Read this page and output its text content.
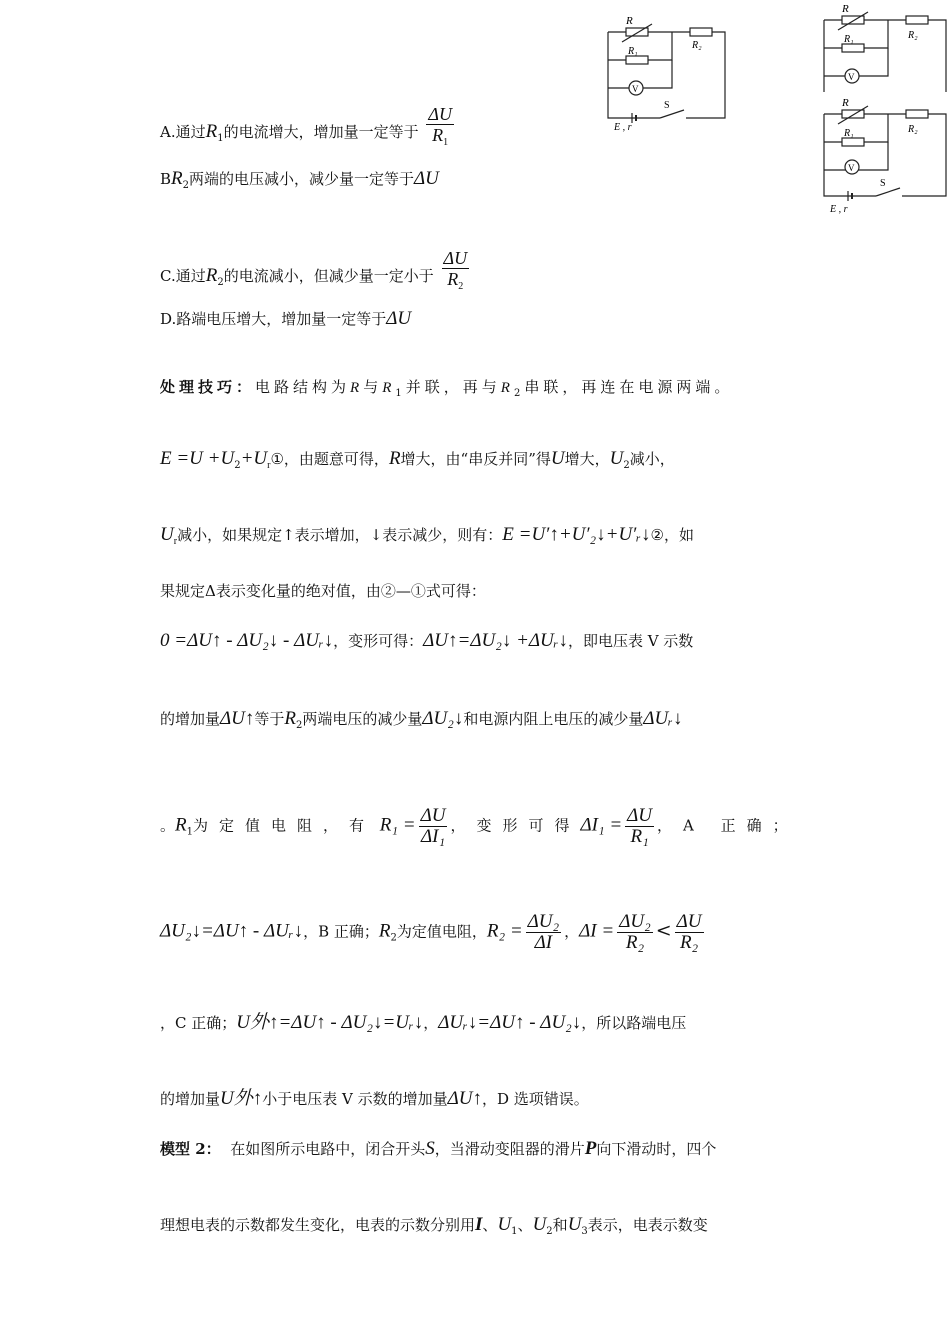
A.通过$R_1$的电流增大，增加量一定等于 $\frac{\Delta U}{R_1}$
$BR_2$两端的电压减小，减少量一定等于ΔU
C.通过$R_2$的电流减小，但减少量一定小于 $\frac{\Delta U}{R_2}$
D.路端电压增大，增加量一定等于ΔU
处理技巧：电路结构为R与$R_1$并联，再与$R_2$串联，再连在电源两端。
$E =U +U_2+U_r①$，由题意可得，R增大，由“串反并同”得U增大，$U_2$减小，
$U_r$减小，如果规定↑表示增加，↓表示减少，则有：E =U′↑+U′₂↓+U′ᵣ↓②，如
果规定Δ表示变化量的绝对值，由②—①式可得：
0 =ΔU↑ - ΔU₂↓ - ΔUᵣ↓，变形可得：ΔU↑=ΔU₂↓ +ΔUᵣ↓，即电压表 V 示数
的增加量ΔU↑等于$R_2$两端电压的减少量ΔU₂↓和电源内阻上电压的减少量ΔUᵣ↓
。$R_1$为定值电阻，有 $R_1 = \frac{\Delta U}{\text{ΔI₁}}$ ，变形可得$\Delta I_1 = \frac{\Delta U}{\text{R₁}}$ ，A 正确；
ΔU₂↓=ΔU↑ - ΔUᵣ↓，B 正确；$R_2$为定值电阻，$R_2 = \frac{\text{ΔU₂}}{\Delta I}$ ，$\Delta I = \frac{\text{ΔU₂}}{\text{R₂}} < \frac{\Delta U}{\text{R₂}}$
，C 正确；U外↑=ΔU↑ - ΔU₂↓=Uᵣ↓，ΔUᵣ↓=ΔU↑ - ΔU₂↓，所以路端电压
的增加量U外↑小于电压表 V 示数的增加量ΔU↑，D 选项错误。
模型 2： 在如图所示电路中，闭合开头S，当滑动变阻器的滑片P向下滑动时，四个
理想电表的示数都发生变化，电表的示数分别用I、$U_1$、$U_2$和$U_3$表示，电表示数变
R
R₁
R₂
V
S
E , r
R
R₁	R₂
V
R
R₁	R₂
V
S
E , r
